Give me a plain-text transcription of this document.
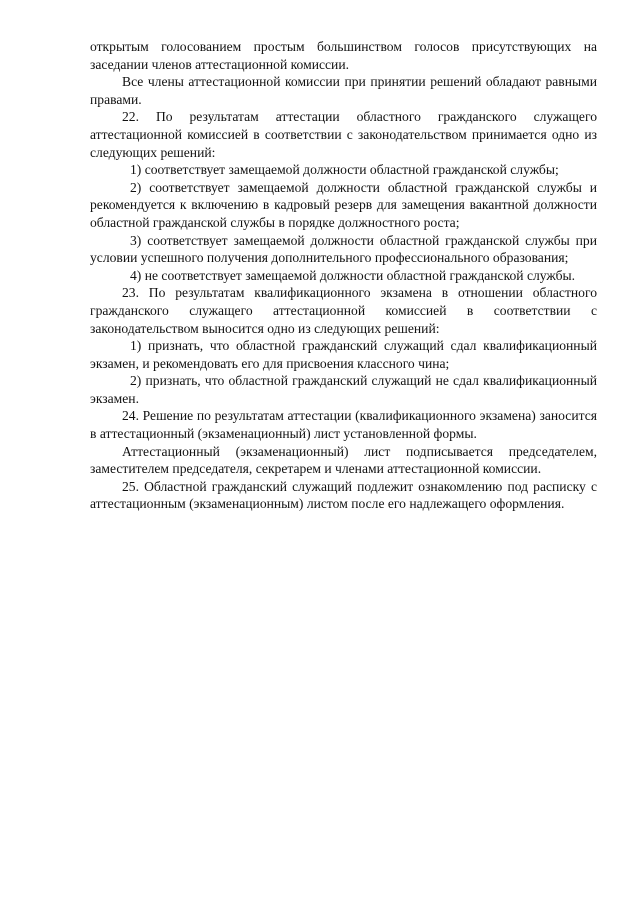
открытым голосованием простым большинством голосов присутствующих на заседании членов аттестационной комиссии.

Все члены аттестационной комиссии при принятии решений обладают равными правами.

22. По результатам аттестации областного гражданского служащего аттестационной комиссией в соответствии с законодательством принимается одно из следующих решений:

1) соответствует замещаемой должности областной гражданской службы;

2) соответствует замещаемой должности областной гражданской службы и рекомендуется к включению в кадровый резерв для замещения вакантной должности областной гражданской службы в порядке должностного роста;

3) соответствует замещаемой должности областной гражданской службы при условии успешного получения дополнительного профессионального образования;

4) не соответствует замещаемой должности областной гражданской службы.

23. По результатам квалификационного экзамена в отношении областного гражданского служащего аттестационной комиссией в соответствии с законодательством выносится одно из следующих решений:

1) признать, что областной гражданский служащий сдал квалификационный экзамен, и рекомендовать его для присвоения классного чина;

2) признать, что областной гражданский служащий не сдал квалификационный экзамен.

24. Решение по результатам аттестации (квалификационного экзамена) заносится в аттестационный (экзаменационный) лист установленной формы.

Аттестационный (экзаменационный) лист подписывается председателем, заместителем председателя, секретарем и членами аттестационной комиссии.

25. Областной гражданский служащий подлежит ознакомлению под расписку с аттестационным (экзаменационным) листом после его надлежащего оформления.
